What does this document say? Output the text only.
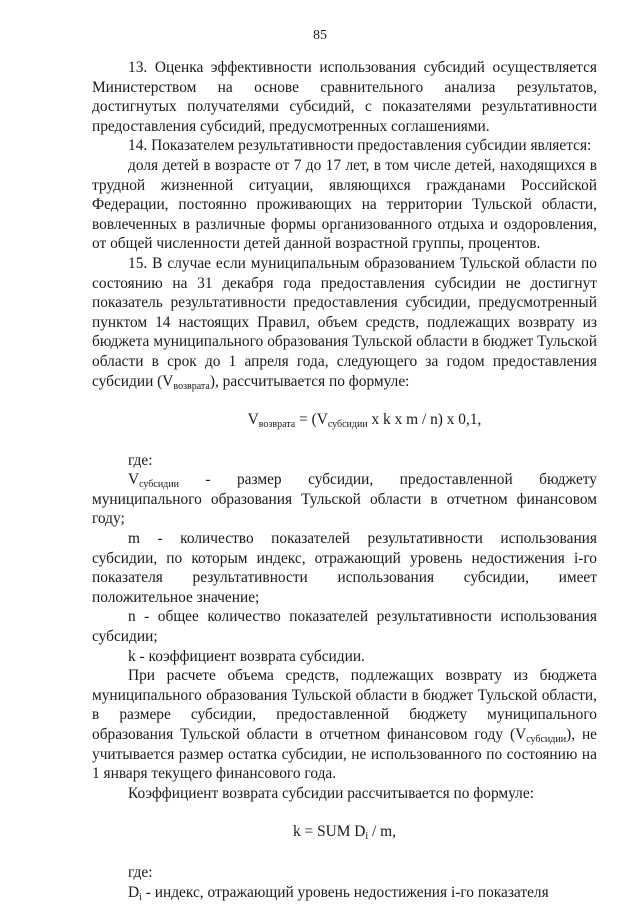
85

13. Оценка эффективности использования субсидий осуществляется Министерством на основе сравнительного анализа результатов, достигнутых получателями субсидий, с показателями результативности предоставления субсидий, предусмотренных соглашениями.

14. Показателем результативности предоставления субсидии является:

доля детей в возрасте от 7 до 17 лет, в том числе детей, находящихся в трудной жизненной ситуации, являющихся гражданами Российской Федерации, постоянно проживающих на территории Тульской области, вовлеченных в различные формы организованного отдыха и оздоровления, от общей численности детей данной возрастной группы, процентов.

15. В случае если муниципальным образованием Тульской области по состоянию на 31 декабря года предоставления субсидии не достигнут показатель результативности предоставления субсидии, предусмотренный пунктом 14 настоящих Правил, объем средств, подлежащих возврату из бюджета муниципального образования Тульской области в бюджет Тульской области в срок до 1 апреля года, следующего за годом предоставления субсидии $(V_{возврата})$, рассчитывается по формуле:

$V_{возврата} = (V_{субсидии}$ x k x m / n) x 0,1,

где:

$V_{субсидии}$ - размер субсидии, предоставленной бюджету муниципального образования Тульской области в отчетном финансовом году;

m - количество показателей результативности использования субсидии, по которым индекс, отражающий уровень недостижения i-го показателя результативности использования субсидии, имеет положительное значение;

n - общее количество показателей результативности использования субсидии;

k - коэффициент возврата субсидии.

При расчете объема средств, подлежащих возврату из бюджета муниципального образования Тульской области в бюджет Тульской области, в размере субсидии, предоставленной бюджету муниципального образования Тульской области в отчетном финансовом году $(V_{субсидии})$, не учитывается размер остатка субсидии, не использованного по состоянию на 1 января текущего финансового года.

Коэффициент возврата субсидии рассчитывается по формуле:

k = SUM $D_i$ / m,

где:

$D_i$ - индекс, отражающий уровень недостижения i-го показателя
